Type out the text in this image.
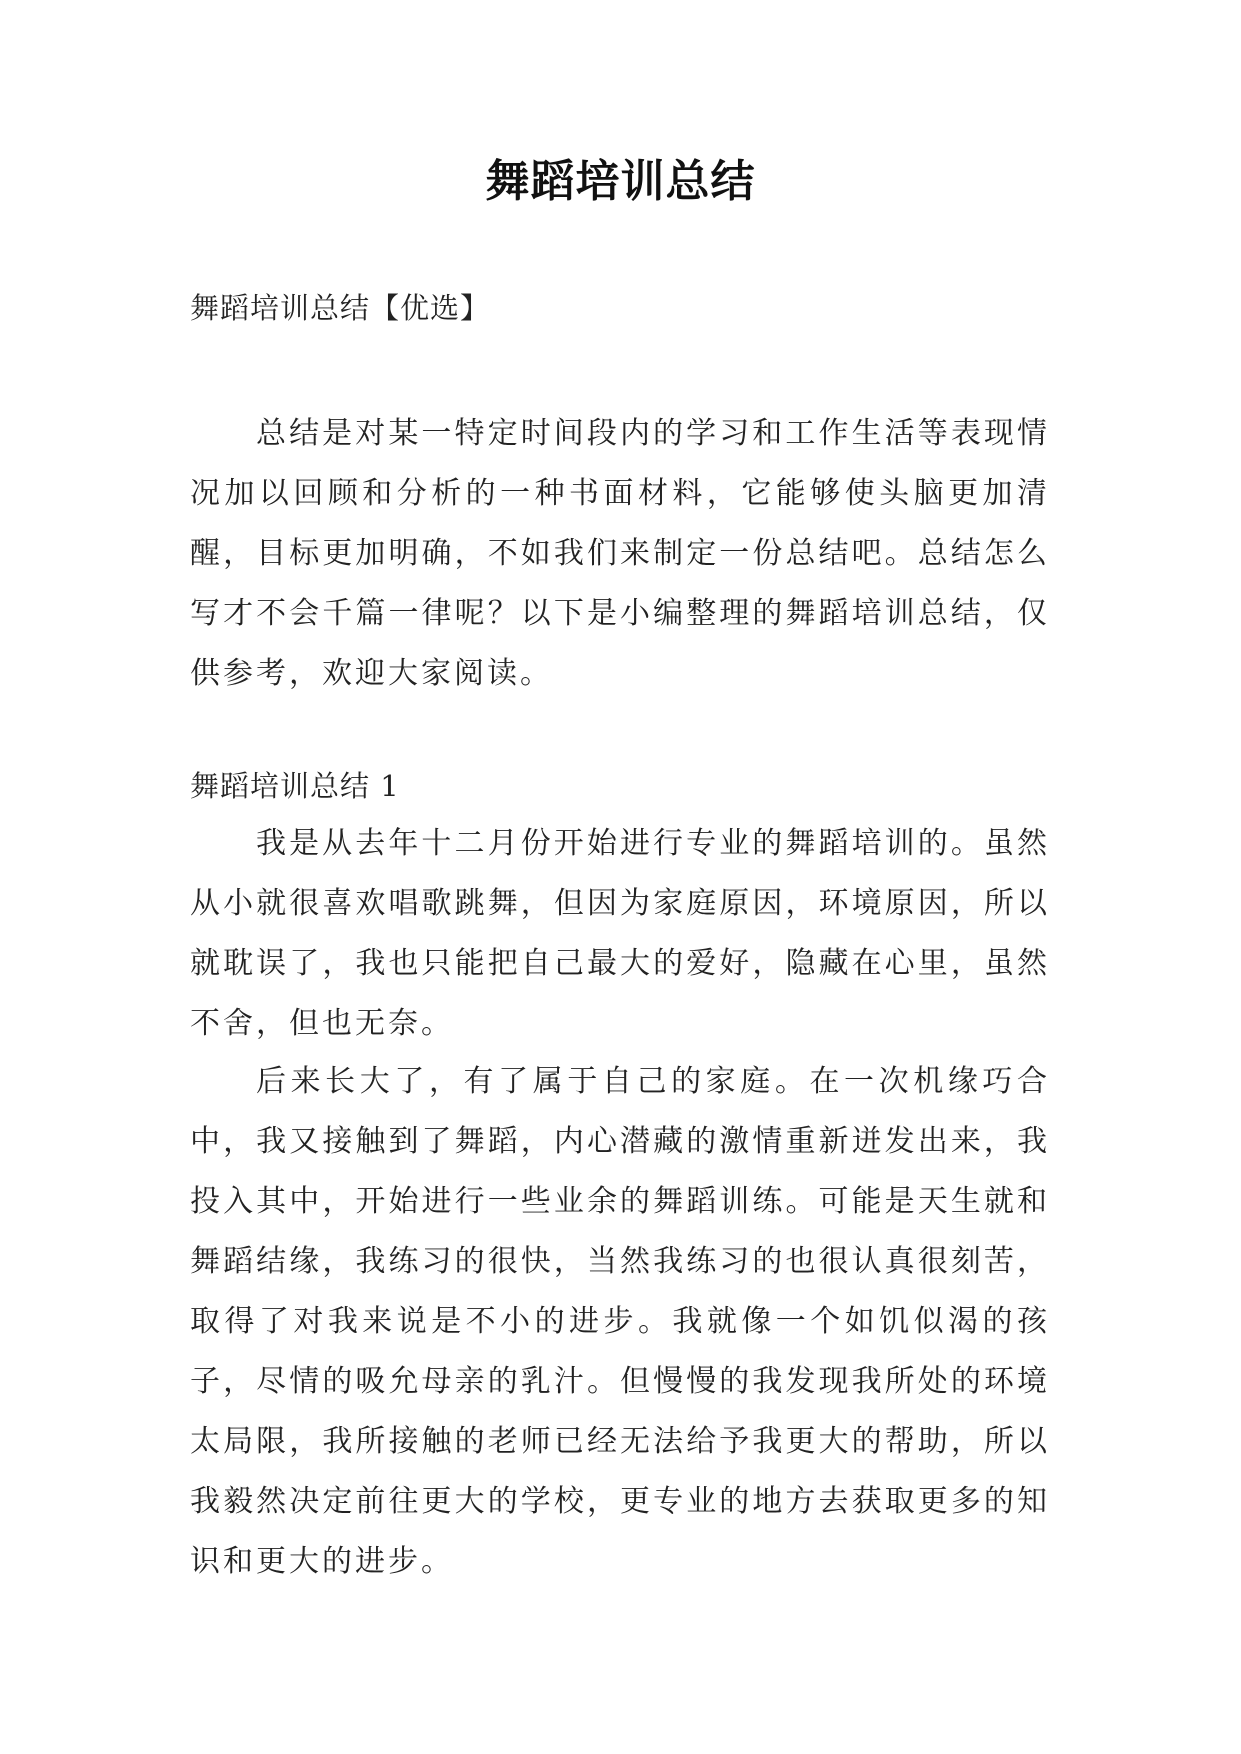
舞蹈培训总结
舞蹈培训总结【优选】
总结是对某一特定时间段内的学习和工作生活等表现情况加以回顾和分析的一种书面材料，它能够使头脑更加清醒，目标更加明确，不如我们来制定一份总结吧。总结怎么写才不会千篇一律呢？以下是小编整理的舞蹈培训总结，仅供参考，欢迎大家阅读。
舞蹈培训总结 1
我是从去年十二月份开始进行专业的舞蹈培训的。虽然从小就很喜欢唱歌跳舞，但因为家庭原因，环境原因，所以就耽误了，我也只能把自己最大的爱好，隐藏在心里，虽然不舍，但也无奈。
后来长大了，有了属于自己的家庭。在一次机缘巧合中，我又接触到了舞蹈，内心潜藏的激情重新迸发出来，我投入其中，开始进行一些业余的舞蹈训练。可能是天生就和舞蹈结缘，我练习的很快，当然我练习的也很认真很刻苦，取得了对我来说是不小的进步。我就像一个如饥似渴的孩子，尽情的吸允母亲的乳汁。但慢慢的我发现我所处的环境太局限，我所接触的老师已经无法给予我更大的帮助，所以我毅然决定前往更大的学校，更专业的地方去获取更多的知识和更大的进步。
